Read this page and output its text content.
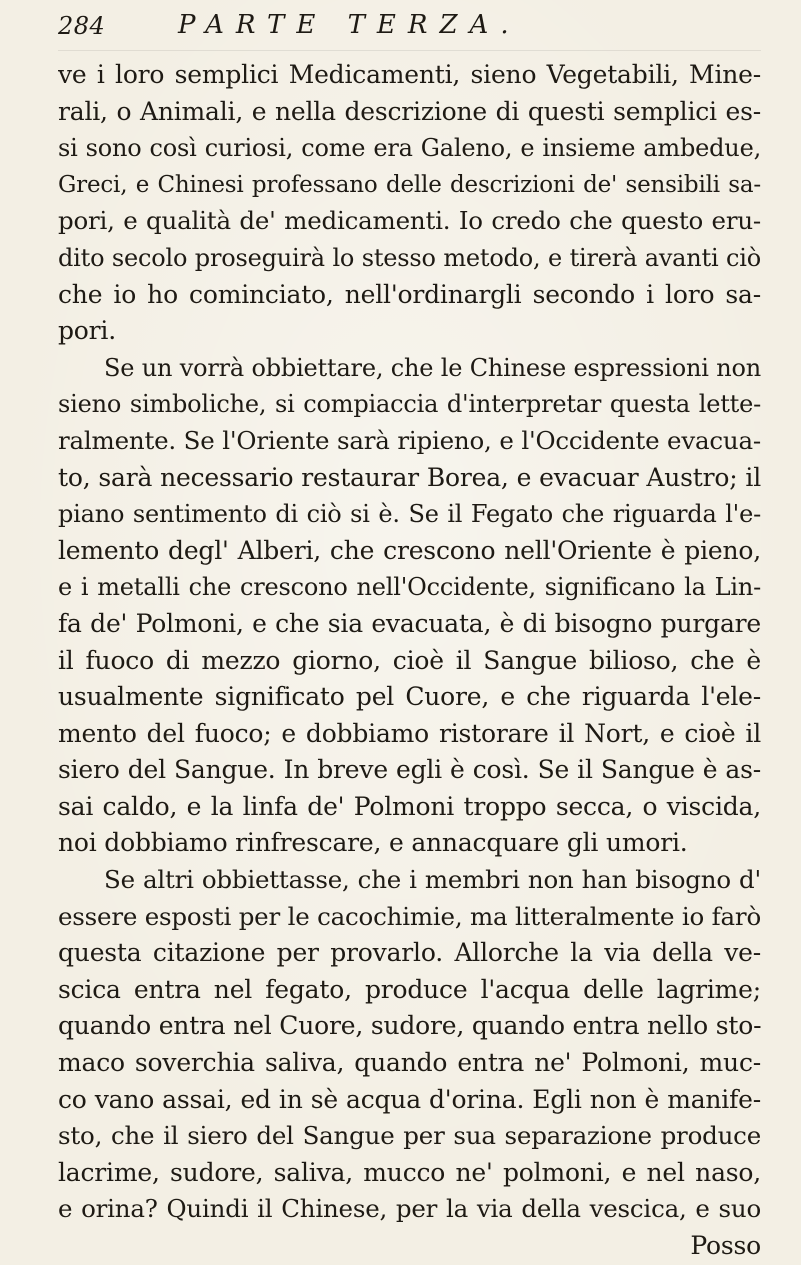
284	PARTE TERZA.
ve i loro semplici Medicamenti, sieno Vegetabili, Mine-
rali, o Animali, e nella descrizione di questi semplici es-
si sono così curiosi, come era Galeno, e insieme ambedue,
Greci, e Chinesi professano delle descrizioni de' sensibili sa-
pori, e qualità de' medicamenti. Io credo che questo eru-
dito secolo proseguirà lo stesso metodo, e tirerà avanti ciò
che io ho cominciato, nell'ordinargli secondo i loro sa-
pori.
Se un vorrà obbiettare, che le Chinese espressioni non
sieno simboliche, si compiaccia d'interpretar questa lette-
ralmente. Se l'Oriente sarà ripieno, e l'Occidente evacua-
to, sarà necessario restaurar Borea, e evacuar Austro; il
piano sentimento di ciò si è. Se il Fegato che riguarda l'e-
lemento degl' Alberi, che crescono nell'Oriente è pieno,
e i metalli che crescono nell'Occidente, significano la Lin-
fa de' Polmoni, e che sia evacuata, è di bisogno purgare
il fuoco di mezzo giorno, cioè il Sangue bilioso, che è
usualmente significato pel Cuore, e che riguarda l'ele-
mento del fuoco; e dobbiamo ristorare il Nort, e cioè il
siero del Sangue. In breve egli è così. Se il Sangue è as-
sai caldo, e la linfa de' Polmoni troppo secca, o viscida,
noi dobbiamo rinfrescare, e annacquare gli umori.
Se altri obbiettasse, che i membri non han bisogno d'
essere esposti per le cacochimie, ma litteralmente io farò
questa citazione per provarlo. Allorche la via della ve-
scica entra nel fegato, produce l'acqua delle lagrime;
quando entra nel Cuore, sudore, quando entra nello sto-
maco soverchia saliva, quando entra ne' Polmoni, muc-
co vano assai, ed in sè acqua d'orina. Egli non è manife-
sto, che il siero del Sangue per sua separazione produce
lacrime, sudore, saliva, mucco ne' polmoni, e nel naso,
e orina? Quindi il Chinese, per la via della vescica, e suo
Posso
